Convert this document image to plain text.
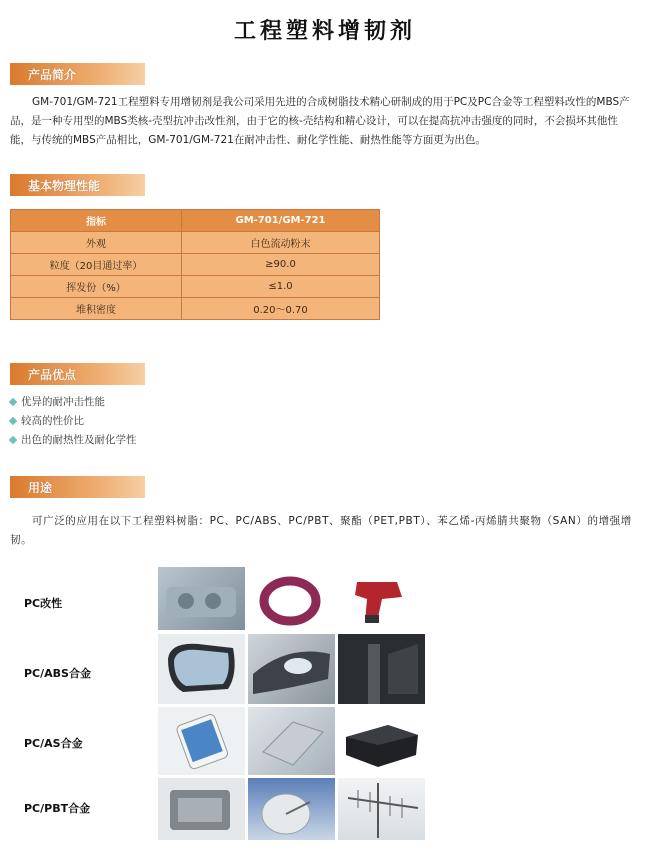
工程塑料增韧剂
产品简介
GM-701/GM-721工程塑料专用增韧剂是我公司采用先进的合成树脂技术精心研制成的用于PC及PC合金等工程塑料改性的MBS产品，是一种专用型的MBS类核-壳型抗冲击改性剂，由于它的核-壳结构和精心设计，可以在提高抗冲击强度的同时，不会损坏其他性能，与传统的MBS产品相比，GM-701/GM-721在耐冲击性、耐化学性能、耐热性能等方面更为出色。
基本物理性能
指标	GM-701/GM-721
外观	白色流动粉末
粒度（20目通过率）	≥90.0
挥发份（%）	≤1.0
堆积密度	0.20～0.70
产品优点
优异的耐冲击性能
较高的性价比
出色的耐热性及耐化学性
用途
可广泛的应用在以下工程塑料树脂：PC、PC/ABS、PC/PBT、聚酯（PET,PBT）、苯乙烯-丙烯腈共聚物（SAN）的增强增韧。
PC改性
PC/ABS合金
PC/AS合金
PC/PBT合金
